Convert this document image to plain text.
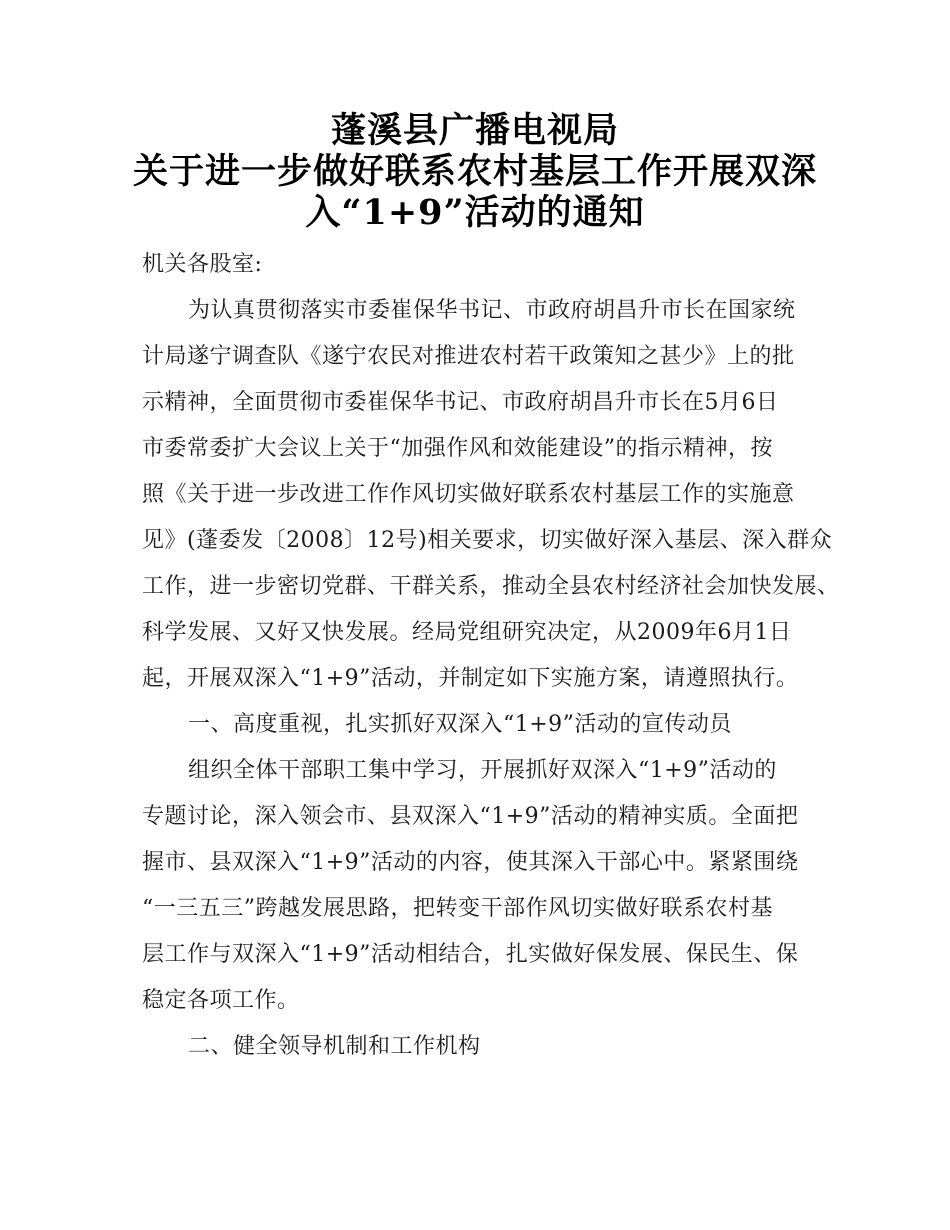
蓬溪县广播电视局
关于进一步做好联系农村基层工作开展双深
入“1+9”活动的通知
机关各股室:
为认真贯彻落实市委崔保华书记、市政府胡昌升市长在国家统
计局遂宁调查队《遂宁农民对推进农村若干政策知之甚少》上的批
示精神，全面贯彻市委崔保华书记、市政府胡昌升市长在5月6日
市委常委扩大会议上关于“加强作风和效能建设”的指示精神，按
照《关于进一步改进工作作风切实做好联系农村基层工作的实施意
见》(蓬委发〔2008〕12号)相关要求，切实做好深入基层、深入群众
工作，进一步密切党群、干群关系，推动全县农村经济社会加快发展、
科学发展、又好又快发展。经局党组研究决定，从2009年6月1日
起，开展双深入“1+9”活动，并制定如下实施方案，请遵照执行。
一、高度重视，扎实抓好双深入“1+9”活动的宣传动员
组织全体干部职工集中学习，开展抓好双深入“1+9”活动的
专题讨论，深入领会市、县双深入“1+9”活动的精神实质。全面把
握市、县双深入“1+9”活动的内容，使其深入干部心中。紧紧围绕
“一三五三”跨越发展思路，把转变干部作风切实做好联系农村基
层工作与双深入“1+9”活动相结合，扎实做好保发展、保民生、保
稳定各项工作。
二、健全领导机制和工作机构
